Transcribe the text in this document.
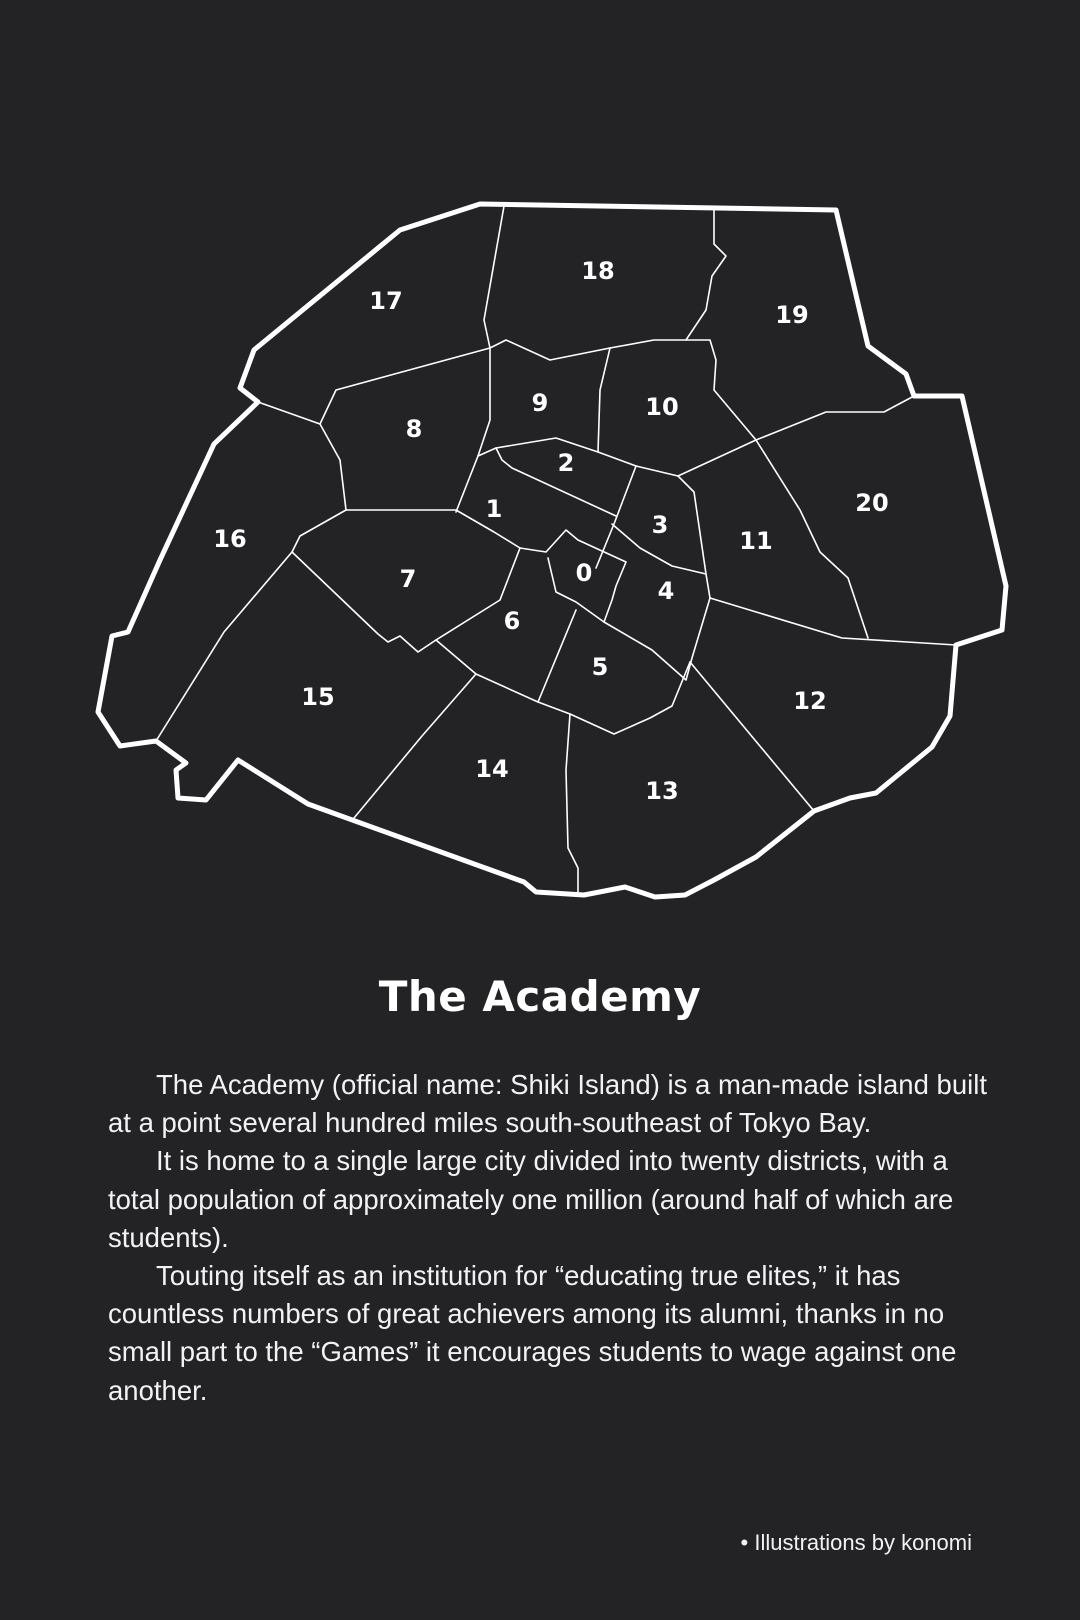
0
1
2
3
4
5
6
7
8
9	10
11
12
13
14
15
16
17
18
19
20
The Academy

The Academy (official name: Shiki Island) is a man-made island built at a point several hundred miles south-southeast of Tokyo Bay.

It is home to a single large city divided into twenty districts, with a total population of approximately one million (around half of which are students).

Touting itself as an institution for “educating true elites,” it has countless numbers of great achievers among its alumni, thanks in no small part to the “Games” it encourages students to wage against one another.

• Illustrations by konomi
